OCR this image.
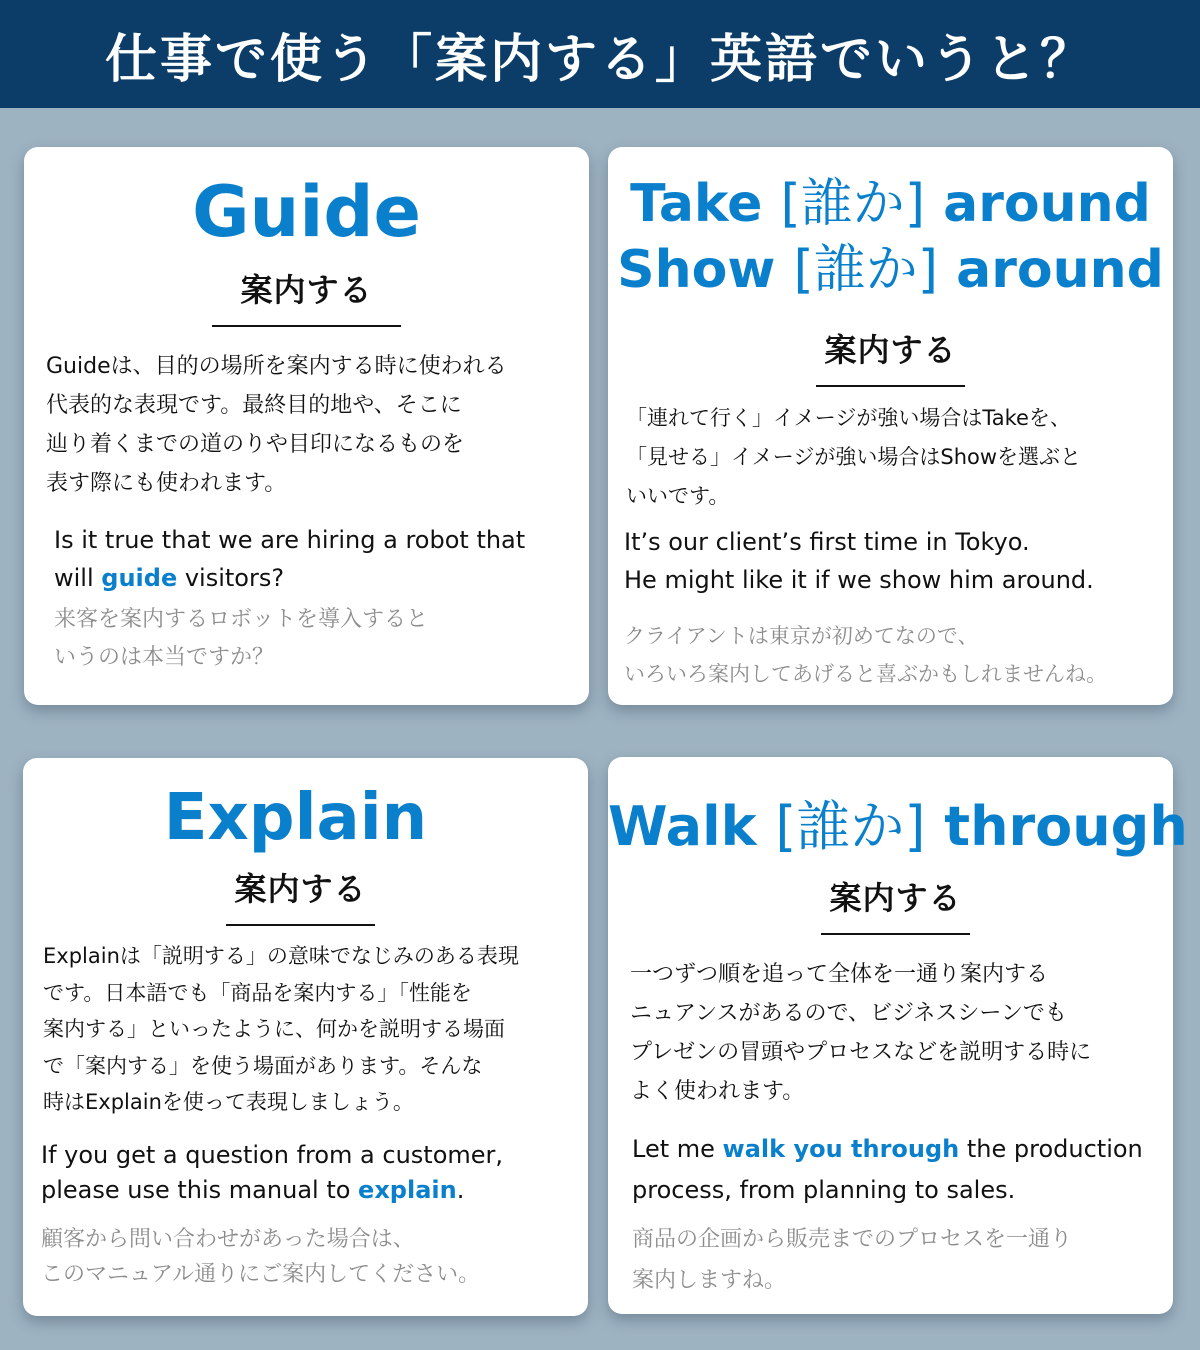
仕事で使う「案内する」英語でいうと？

Guide

案内する

Guideは、目的の場所を案内する時に使われる

代表的な表現です。最終目的地や、そこに

辿り着くまでの道のりや目印になるものを

表す際にも使われます。

Is it true that we are hiring a robot that

will guide visitors?

来客を案内するロボットを導入すると

いうのは本当ですか？

Take [誰か] around

Show [誰か] around

案内する

「連れて行く」イメージが強い場合はTakeを、

「見せる」イメージが強い場合はShowを選ぶと

いいです。

It’s our client’s first time in Tokyo.

He might like it if we show him around.

クライアントは東京が初めてなので、

いろいろ案内してあげると喜ぶかもしれませんね。

Explain

案内する

Explainは「説明する」の意味でなじみのある表現

です。日本語でも「商品を案内する」「性能を

案内する」といったように、何かを説明する場面

で「案内する」を使う場面があります。そんな

時はExplainを使って表現しましょう。

If you get a question from a customer,

please use this manual to explain.

顧客から問い合わせがあった場合は、

このマニュアル通りにご案内してください。

Walk [誰か] through

案内する

一つずつ順を追って全体を一通り案内する

ニュアンスがあるので、ビジネスシーンでも

プレゼンの冒頭やプロセスなどを説明する時に

よく使われます。

Let me walk you through the production

process, from planning to sales.

商品の企画から販売までのプロセスを一通り

案内しますね。
